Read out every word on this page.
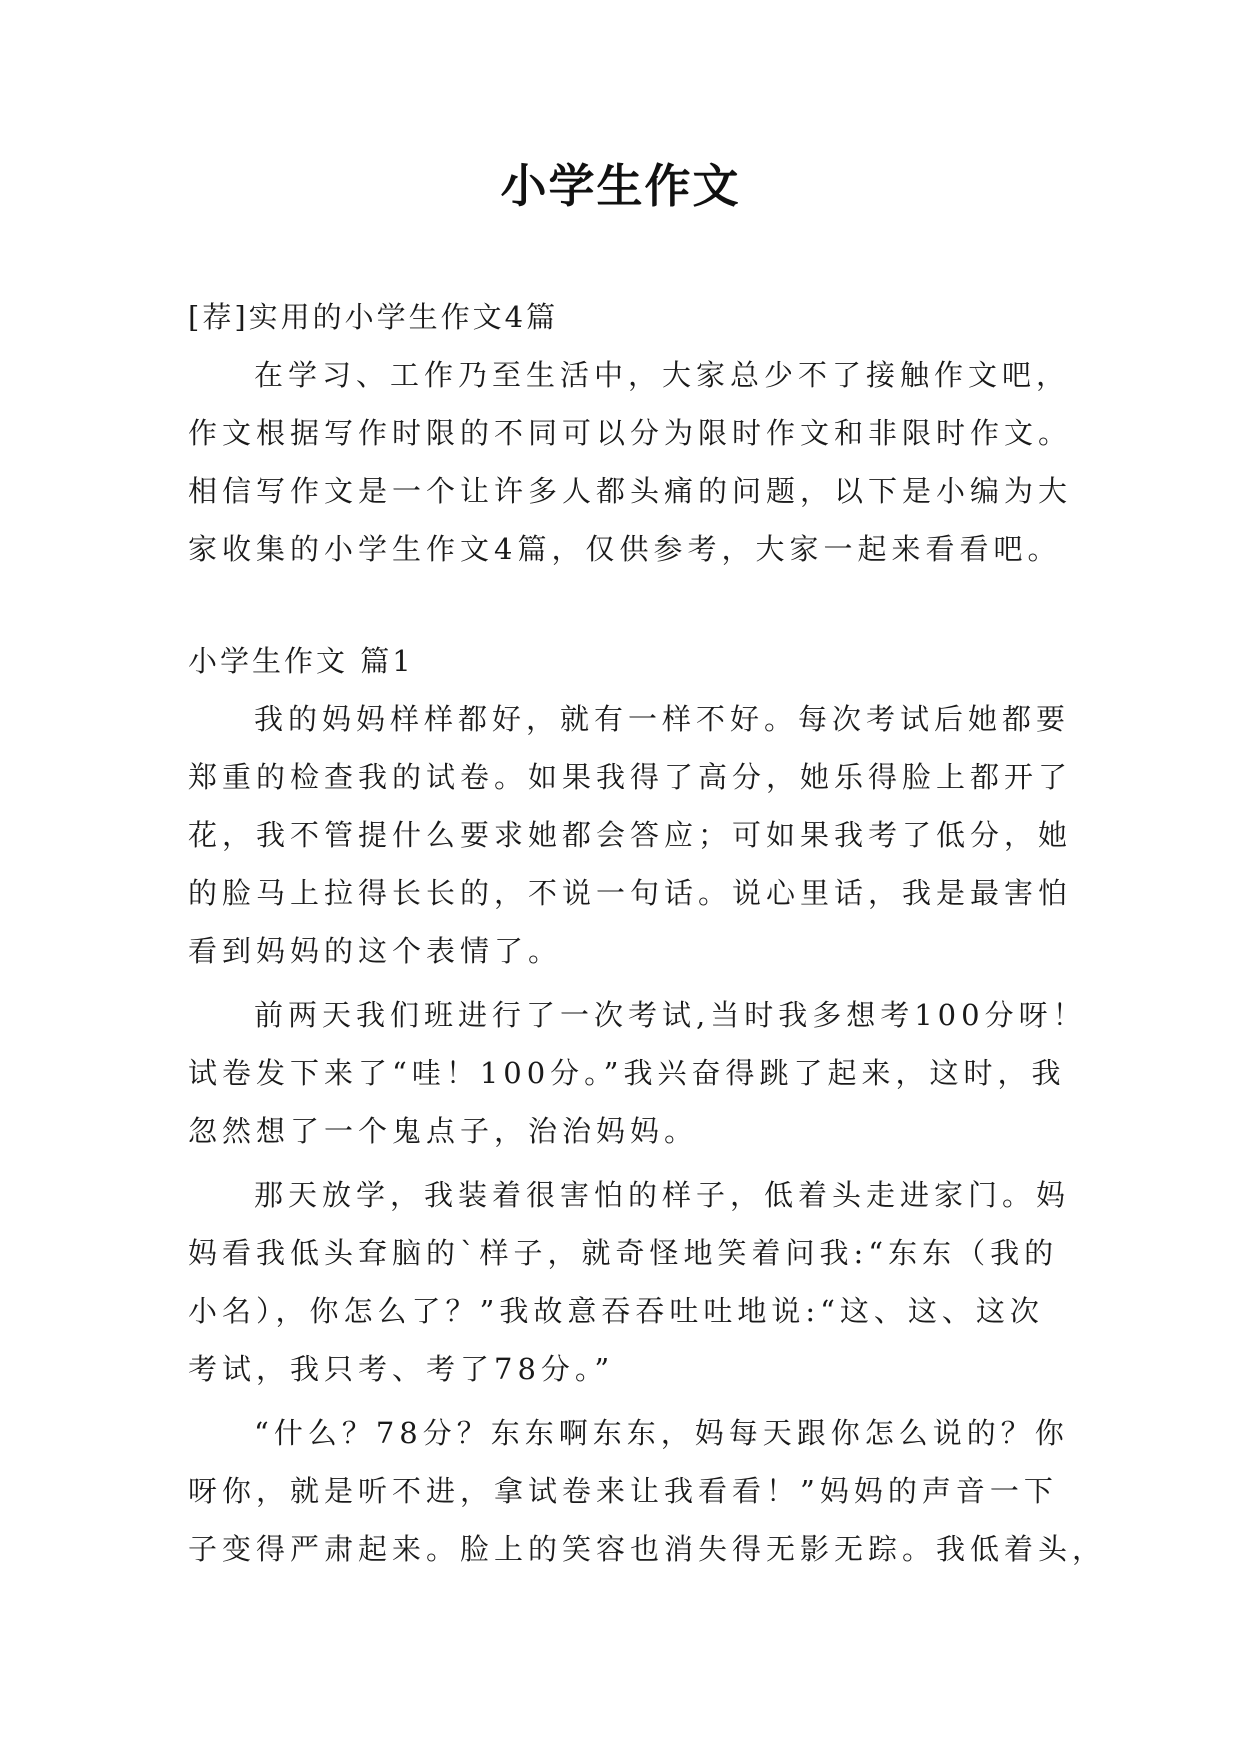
小学生作文
[荐]实用的小学生作文4篇
在学习、工作乃至生活中，大家总少不了接触作文吧，
作文根据写作时限的不同可以分为限时作文和非限时作文。
相信写作文是一个让许多人都头痛的问题，以下是小编为大
家收集的小学生作文4篇，仅供参考，大家一起来看看吧。
小学生作文 篇1
我的妈妈样样都好，就有一样不好。每次考试后她都要
郑重的检查我的试卷。如果我得了高分，她乐得脸上都开了
花，我不管提什么要求她都会答应；可如果我考了低分，她
的脸马上拉得长长的，不说一句话。说心里话，我是最害怕
看到妈妈的这个表情了。
前两天我们班进行了一次考试,当时我多想考100分呀！
试卷发下来了“哇！100分。”我兴奋得跳了起来，这时，我
忽然想了一个鬼点子，治治妈妈。
那天放学，我装着很害怕的样子，低着头走进家门。妈
妈看我低头耷脑的`样子，就奇怪地笑着问我:“东东（我的
小名），你怎么了？”我故意吞吞吐吐地说:“这、这、这次
考试，我只考、考了78分。”
“什么？78分？东东啊东东，妈每天跟你怎么说的？你
呀你，就是听不进，拿试卷来让我看看！”妈妈的声音一下
子变得严肃起来。脸上的笑容也消失得无影无踪。我低着头，
